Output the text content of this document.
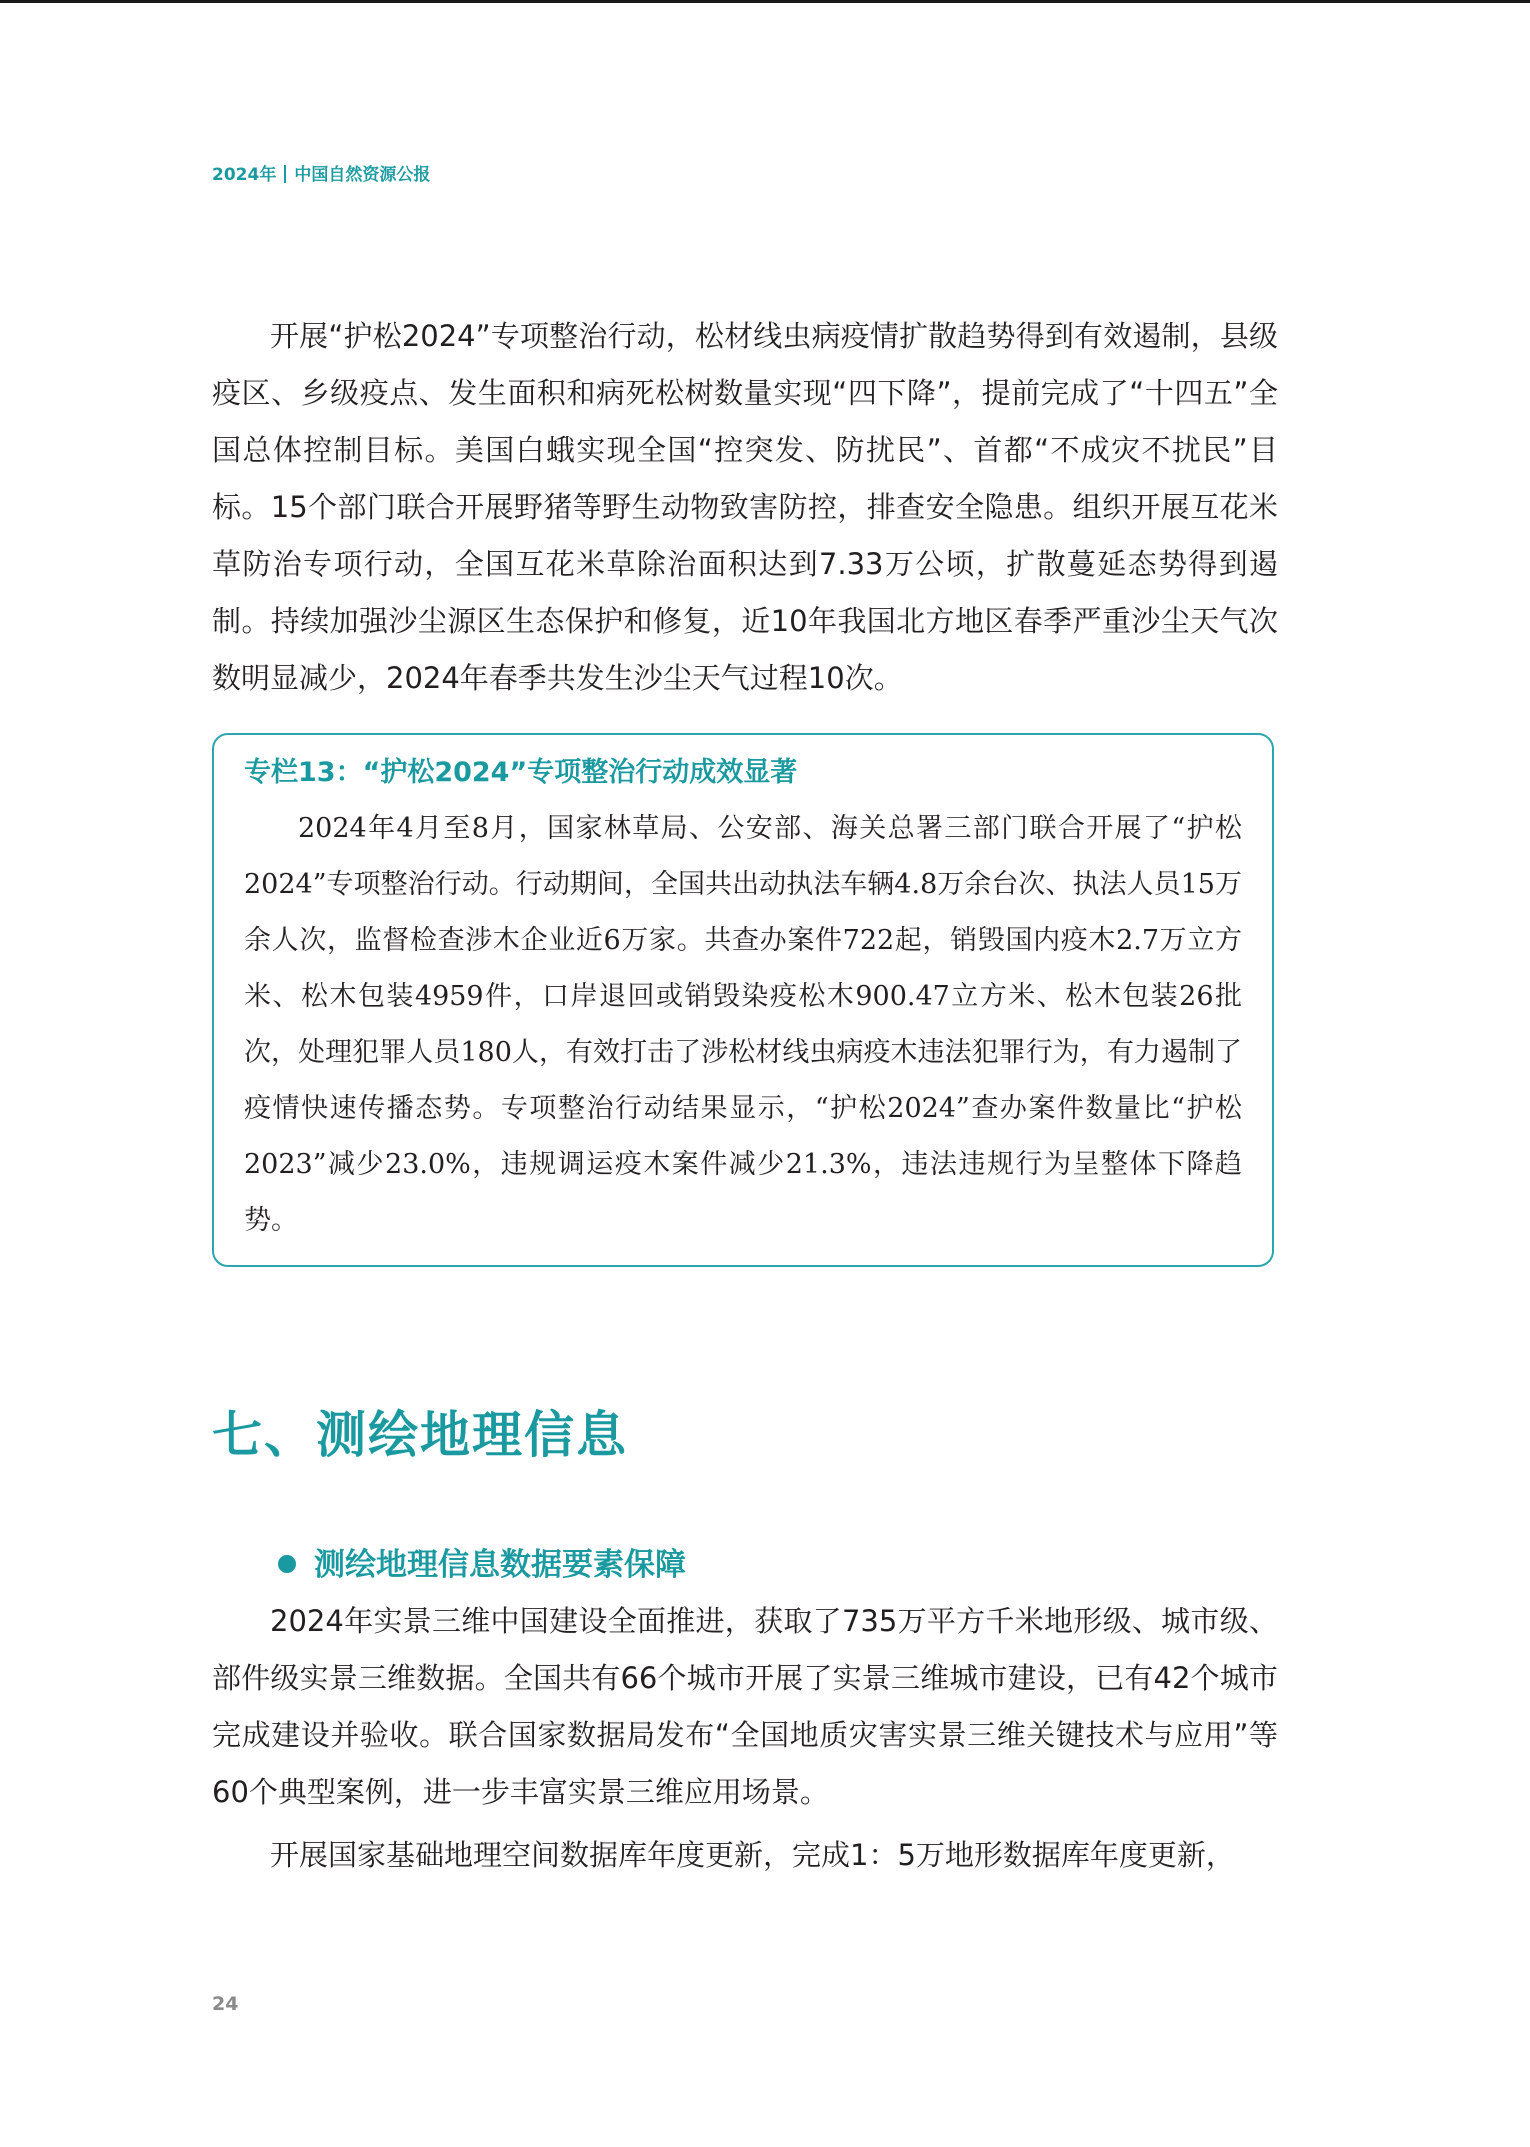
2024年 中国自然资源公报

开展“护松2024”专项整治行动，松材线虫病疫情扩散趋势得到有效遏制，县级疫区、乡级疫点、发生面积和病死松树数量实现“四下降”，提前完成了“十四五”全国总体控制目标。美国白蛾实现全国“控突发、防扰民”、首都“不成灾不扰民”目标。15个部门联合开展野猪等野生动物致害防控，排查安全隐患。组织开展互花米草防治专项行动，全国互花米草除治面积达到7.33万公顷，扩散蔓延态势得到遏制。持续加强沙尘源区生态保护和修复，近10年我国北方地区春季严重沙尘天气次数明显减少，2024年春季共发生沙尘天气过程10次。

专栏13：“护松2024”专项整治行动成效显著

2024年4月至8月，国家林草局、公安部、海关总署三部门联合开展了“护松2024”专项整治行动。行动期间，全国共出动执法车辆4.8万余台次、执法人员15万余人次，监督检查涉木企业近6万家。共查办案件722起，销毁国内疫木2.7万立方米、松木包装4959件，口岸退回或销毁染疫松木900.47立方米、松木包装26批次，处理犯罪人员180人，有效打击了涉松材线虫病疫木违法犯罪行为，有力遏制了疫情快速传播态势。专项整治行动结果显示，“护松2024”查办案件数量比“护松2023”减少23.0%，违规调运疫木案件减少21.3%，违法违规行为呈整体下降趋势。

七、测绘地理信息
测绘地理信息数据要素保障

2024年实景三维中国建设全面推进，获取了735万平方千米地形级、城市级、部件级实景三维数据。全国共有66个城市开展了实景三维城市建设，已有42个城市完成建设并验收。联合国家数据局发布“全国地质灾害实景三维关键技术与应用”等60个典型案例，进一步丰富实景三维应用场景。

开展国家基础地理空间数据库年度更新，完成1：5万地形数据库年度更新，

24
